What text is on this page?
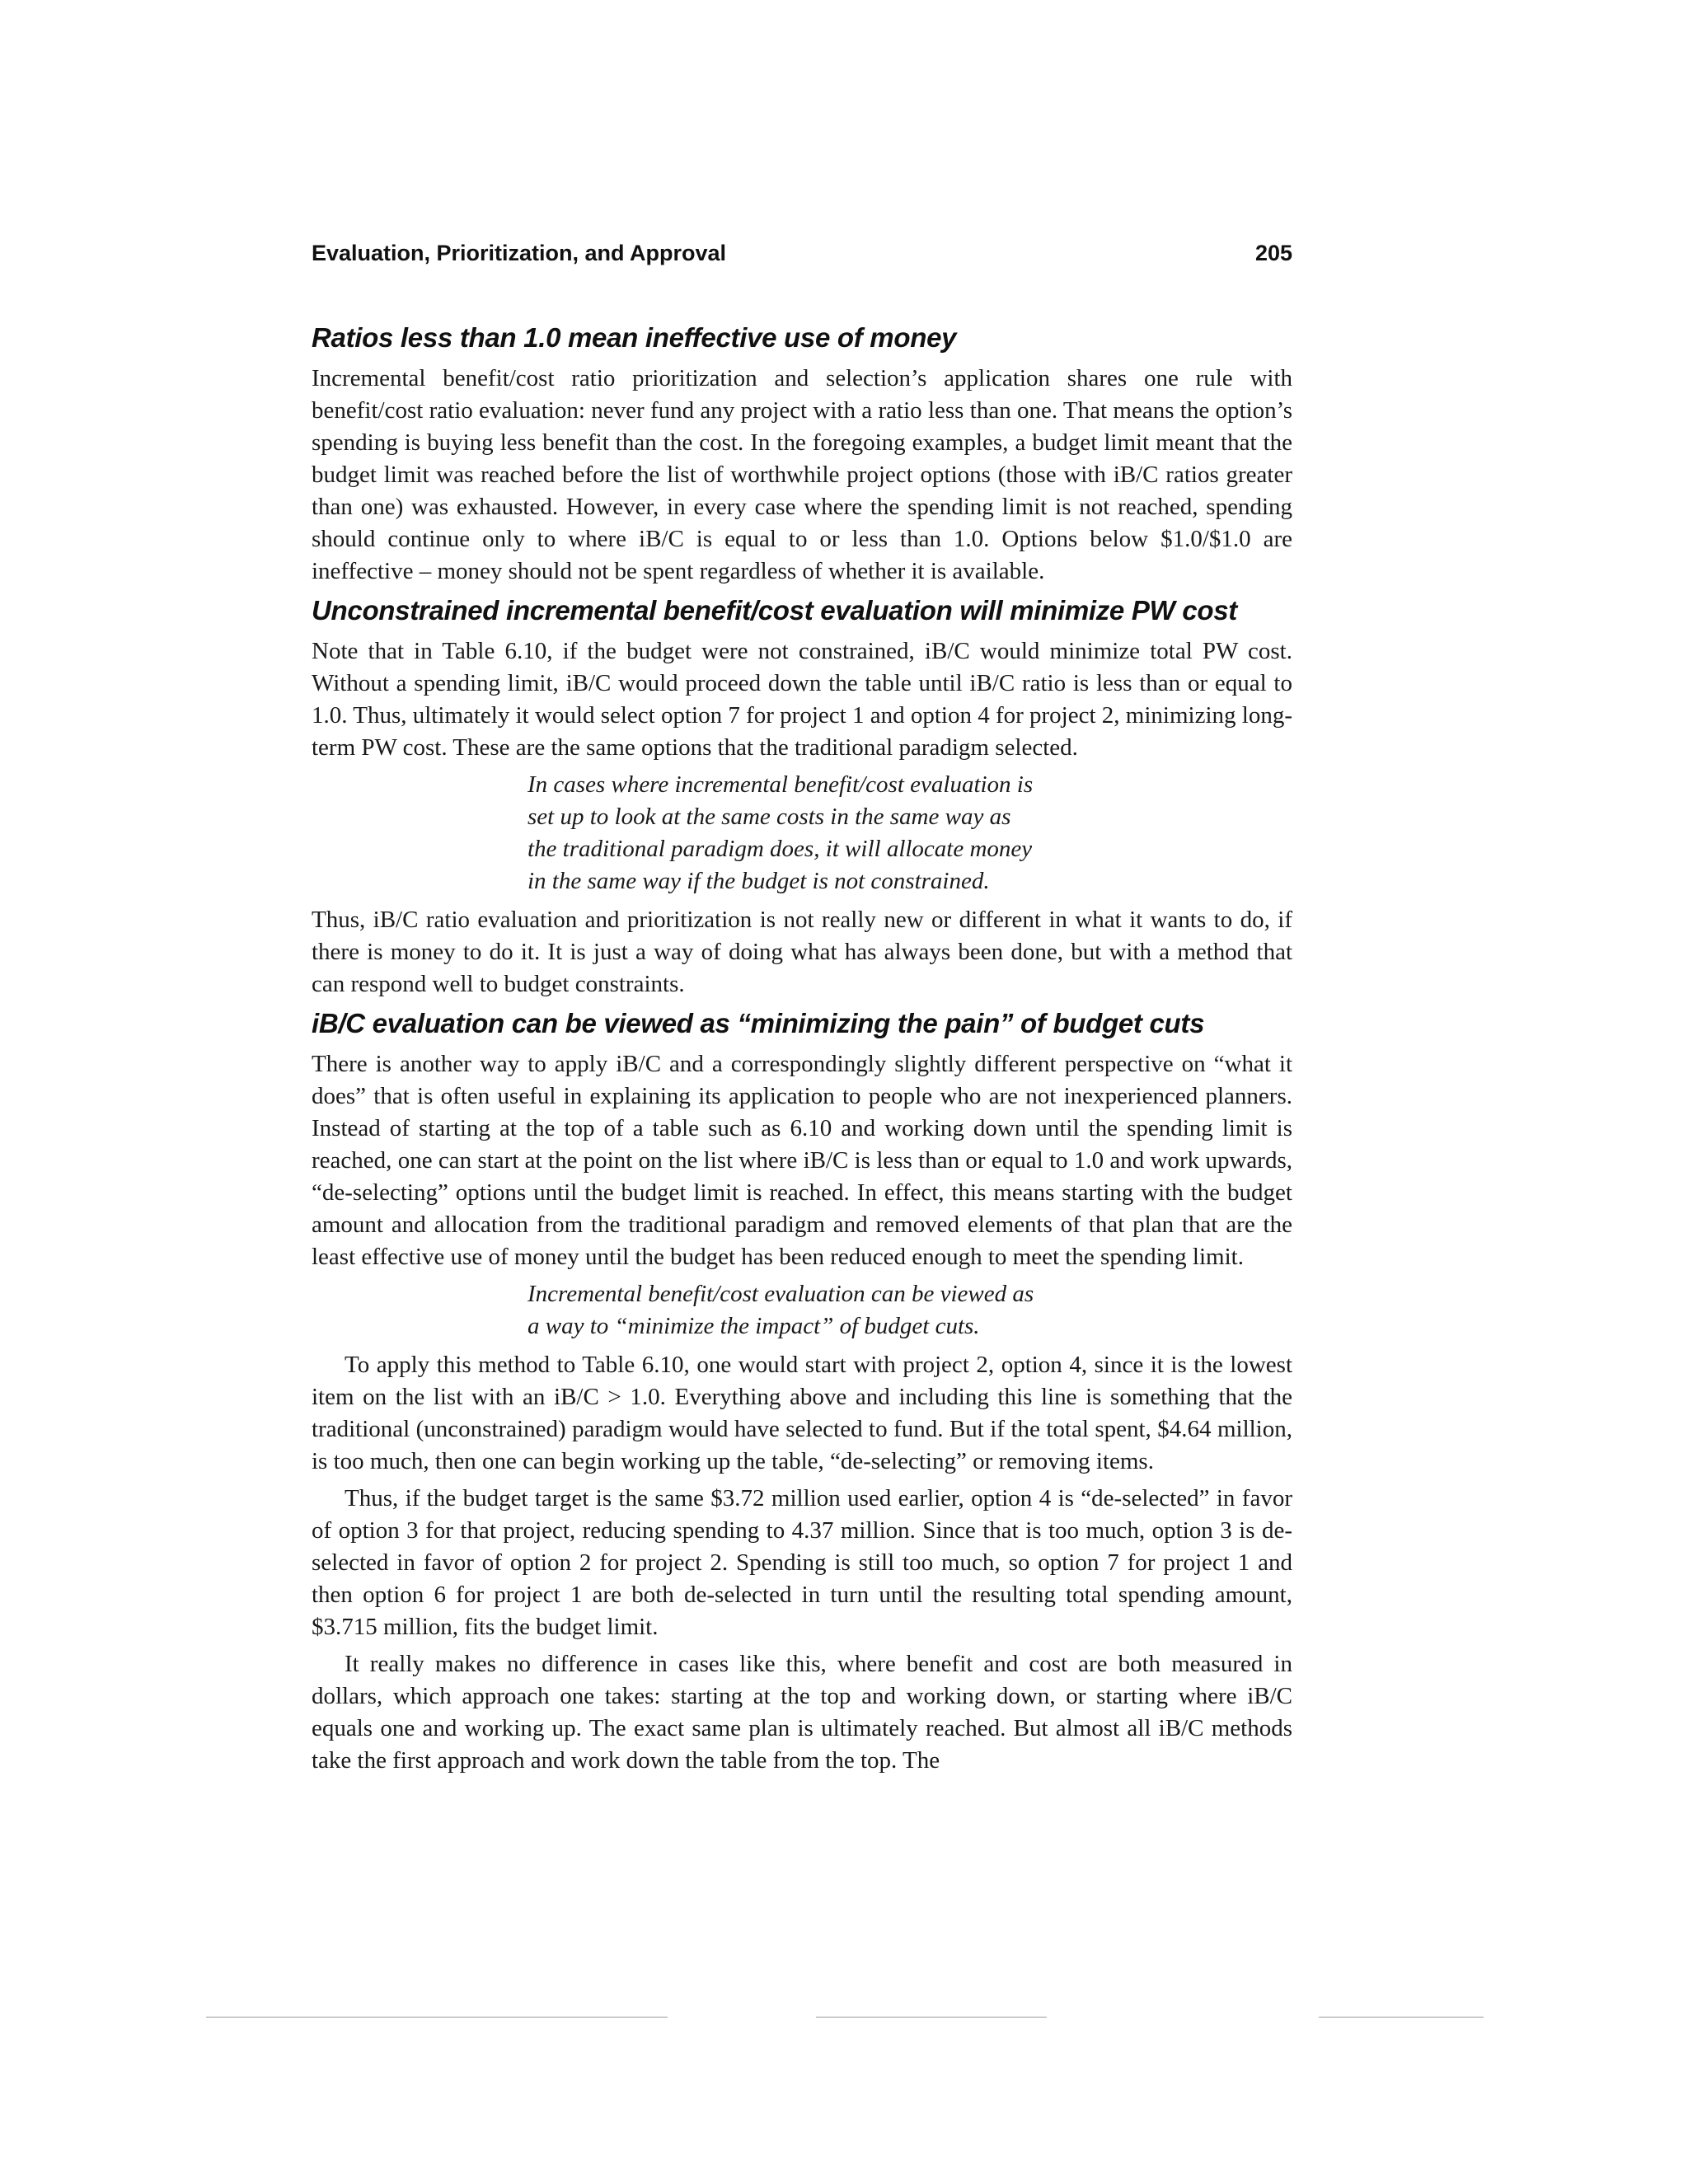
Evaluation, Prioritization, and Approval	205
Ratios less than 1.0 mean ineffective use of money

Incremental benefit/cost ratio prioritization and selection’s application shares one rule with benefit/cost ratio evaluation: never fund any project with a ratio less than one. That means the option’s spending is buying less benefit than the cost. In the foregoing examples, a budget limit meant that the budget limit was reached before the list of worthwhile project options (those with iB/C ratios greater than one) was exhausted. However, in every case where the spending limit is not reached, spending should continue only to where iB/C is equal to or less than 1.0. Options below $1.0/$1.0 are ineffective – money should not be spent regardless of whether it is available.

Unconstrained incremental benefit/cost evaluation will minimize PW cost

Note that in Table 6.10, if the budget were not constrained, iB/C would minimize total PW cost. Without a spending limit, iB/C would proceed down the table until iB/C ratio is less than or equal to 1.0. Thus, ultimately it would select option 7 for project 1 and option 4 for project 2, minimizing long-term PW cost. These are the same options that the traditional paradigm selected.

In cases where incremental benefit/cost evaluation is
set up to look at the same costs in the same way as
the traditional paradigm does, it will allocate money
in the same way if the budget is not constrained.

Thus, iB/C ratio evaluation and prioritization is not really new or different in what it wants to do, if there is money to do it. It is just a way of doing what has always been done, but with a method that can respond well to budget constraints.

iB/C evaluation can be viewed as “minimizing the pain” of budget cuts

There is another way to apply iB/C and a correspondingly slightly different perspective on “what it does” that is often useful in explaining its application to people who are not inexperienced planners. Instead of starting at the top of a table such as 6.10 and working down until the spending limit is reached, one can start at the point on the list where iB/C is less than or equal to 1.0 and work upwards, “de-selecting” options until the budget limit is reached. In effect, this means starting with the budget amount and allocation from the traditional paradigm and removed elements of that plan that are the least effective use of money until the budget has been reduced enough to meet the spending limit.

Incremental benefit/cost evaluation can be viewed as
a way to “minimize the impact” of budget cuts.

To apply this method to Table 6.10, one would start with project 2, option 4, since it is the lowest item on the list with an iB/C > 1.0. Everything above and including this line is something that the traditional (unconstrained) paradigm would have selected to fund. But if the total spent, $4.64 million, is too much, then one can begin working up the table, “de-selecting” or removing items.

Thus, if the budget target is the same $3.72 million used earlier, option 4 is “de-selected” in favor of option 3 for that project, reducing spending to 4.37 million. Since that is too much, option 3 is de-selected in favor of option 2 for project 2. Spending is still too much, so option 7 for project 1 and then option 6 for project 1 are both de-selected in turn until the resulting total spending amount, $3.715 million, fits the budget limit.

It really makes no difference in cases like this, where benefit and cost are both measured in dollars, which approach one takes: starting at the top and working down, or starting where iB/C equals one and working up. The exact same plan is ultimately reached. But almost all iB/C methods take the first approach and work down the table from the top. The
